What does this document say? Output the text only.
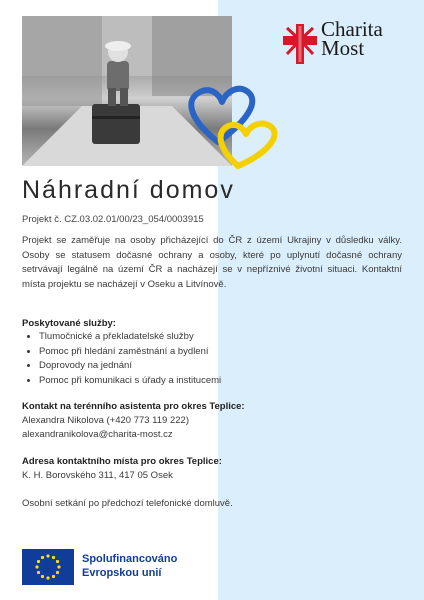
Charita
Most
Náhradní domov
Projekt č. CZ.03.02.01/00/23_054/0003915

Projekt se zaměřuje na osoby přicházející do ČR z území Ukrajiny v důsledku války. Osoby se statusem dočasné ochrany a osoby, které po uplynutí dočasné ochrany setrvávají legálně na území ČR a nacházejí se v nepříznivé životní situaci. Kontaktní místa projektu se nacházejí v Oseku a Litvínově.

Poskytované služby:
• Tlumočnické a překladatelské služby
• Pomoc při hledání zaměstnání a bydlení
• Doprovody na jednání
• Pomoc při komunikaci s úřady a institucemi
Kontakt na terénního asistenta pro okres Teplice:
Alexandra Nikolova (+420 773 119 222)
alexandranikolova@charita-most.cz
Adresa kontaktního místa pro okres Teplice:
K. H. Borovského 311, 417 05 Osek
Osobní setkání po předchozí telefonické domluvě.
Spolufinancováno
Evropskou unií
